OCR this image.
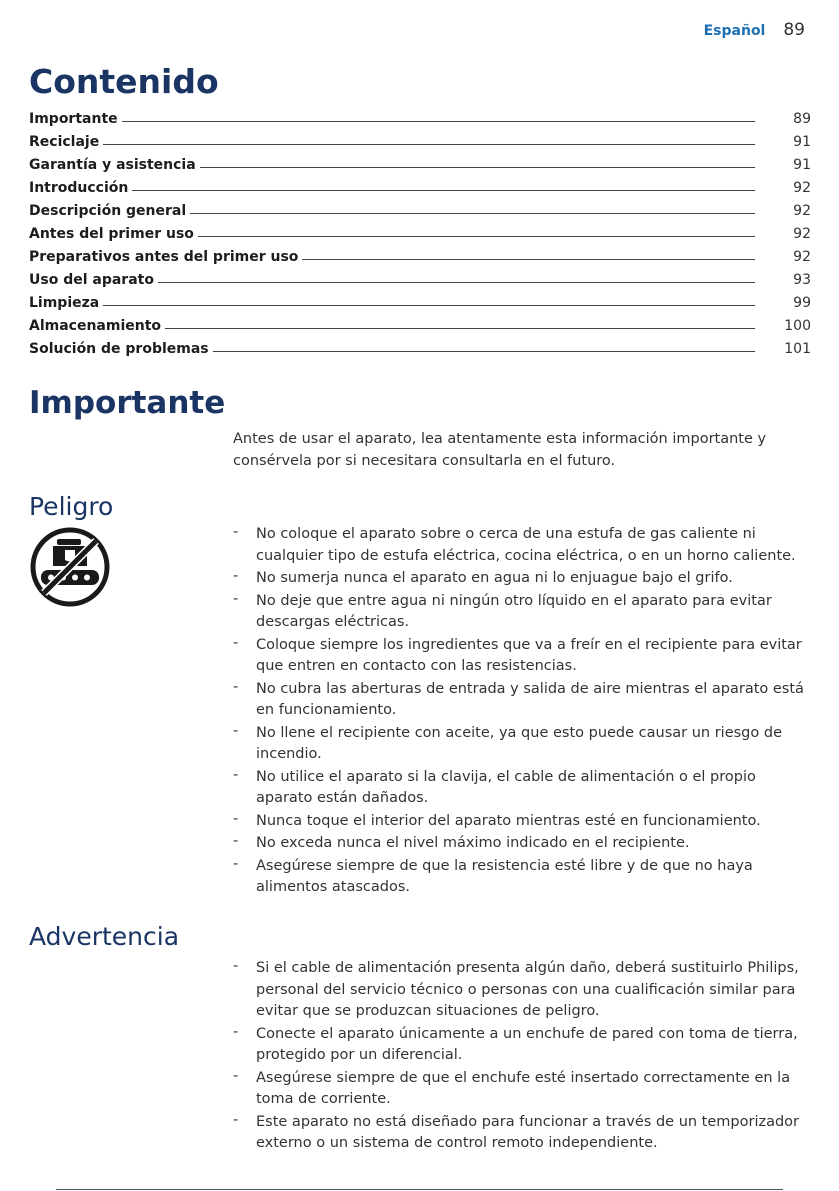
Español 89
Contenido
Importante	89
Reciclaje	91
Garantía y asistencia	91
Introducción	92
Descripción general	92
Antes del primer uso	92
Preparativos antes del primer uso	92
Uso del aparato	93
Limpieza	99
Almacenamiento	100
Solución de problemas	101
Importante

Antes de usar el aparato, lea atentamente esta información importante y consérvela por si necesitara consultarla en el futuro.

Peligro
- No coloque el aparato sobre o cerca de una estufa de gas caliente ni cualquier tipo de estufa eléctrica, cocina eléctrica, o en un horno caliente.
- No sumerja nunca el aparato en agua ni lo enjuague bajo el grifo.
- No deje que entre agua ni ningún otro líquido en el aparato para evitar descargas eléctricas.
- Coloque siempre los ingredientes que va a freír en el recipiente para evitar que entren en contacto con las resistencias.
- No cubra las aberturas de entrada y salida de aire mientras el aparato está en funcionamiento.
- No llene el recipiente con aceite, ya que esto puede causar un riesgo de incendio.
- No utilice el aparato si la clavija, el cable de alimentación o el propio aparato están dañados.
- Nunca toque el interior del aparato mientras esté en funcionamiento.
- No exceda nunca el nivel máximo indicado en el recipiente.
- Asegúrese siempre de que la resistencia esté libre y de que no haya alimentos atascados.
Advertencia
- Si el cable de alimentación presenta algún daño, deberá sustituirlo Philips, personal del servicio técnico o personas con una cualificación similar para evitar que se produzcan situaciones de peligro.
- Conecte el aparato únicamente a un enchufe de pared con toma de tierra, protegido por un diferencial.
- Asegúrese siempre de que el enchufe esté insertado correctamente en la toma de corriente.
- Este aparato no está diseñado para funcionar a través de un temporizador externo o un sistema de control remoto independiente.
